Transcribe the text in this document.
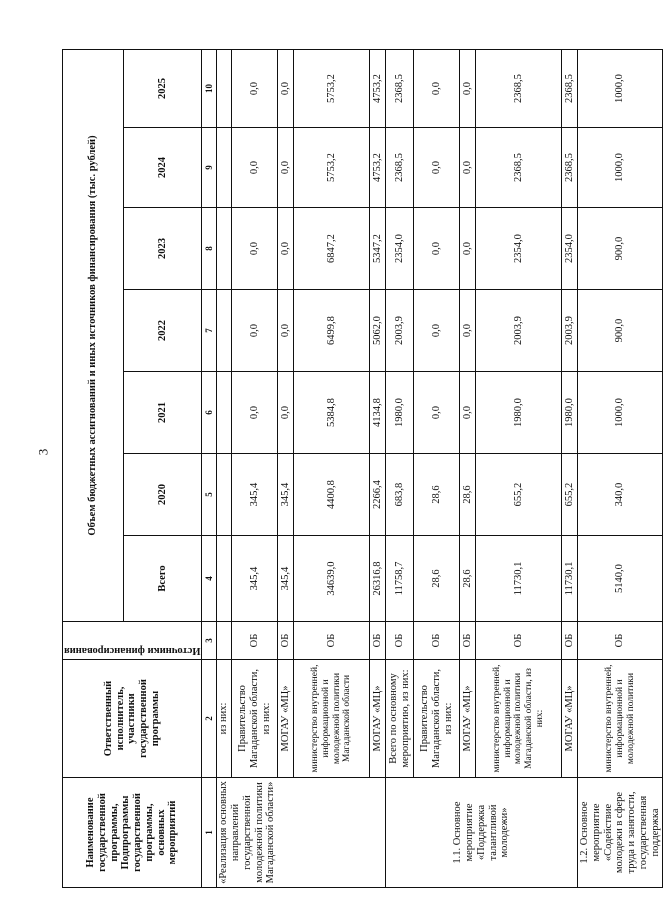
3
Наименование государственной программы, Подпрограммы государственной программы, основных мероприятий	Ответственный исполнитель, участники государственной программы	Источники финансирования	Объем бюджетных ассигнований и иных источников финансирования (тыс. рублей)						
			Всего	2020	2021	2022	2023	2024	2025
1	2	3	4	5	6	7	8	9	10
«Реализация основных направлений государственной молодежной политики Магаданской области»	из них:								
	Правительство Магаданской области, из них:	ОБ	345,4	345,4	0,0	0,0	0,0	0,0	0,0
	МОГАУ «МЦ»	ОБ	345,4	345,4	0,0	0,0	0,0	0,0	0,0
	министерство внутренней, информационной и молодежной политики Магаданской области	ОБ	34639,0	4400,8	5384,8	6499,8	6847,2	5753,2	5753,2
	МОГАУ «МЦ»	ОБ	26316,8	2266,4	4134,8	5062,0	5347,2	4753,2	4753,2
1.1. Основное мероприятие «Поддержка талантливой молодежи»	Всего по основному мероприятию, из них:	ОБ	11758,7	683,8	1980,0	2003,9	2354,0	2368,5	2368,5
	Правительство Магаданской области, из них:	ОБ	28,6	28,6	0,0	0,0	0,0	0,0	0,0
	МОГАУ «МЦ»	ОБ	28,6	28,6	0,0	0,0	0,0	0,0	0,0
	министерство внутренней, информационной и молодежной политики Магаданской области, из них:	ОБ	11730,1	655,2	1980,0	2003,9	2354,0	2368,5	2368,5
	МОГАУ «МЦ»	ОБ	11730,1	655,2	1980,0	2003,9	2354,0	2368,5	2368,5
1.2. Основное мероприятие «Содействие молодежи в сфере труда и занятости, государственная поддержка	министерство внутренней, информационной и молодежной политики	ОБ	5140,0	340,0	1000,0	900,0	900,0	1000,0	1000,0
